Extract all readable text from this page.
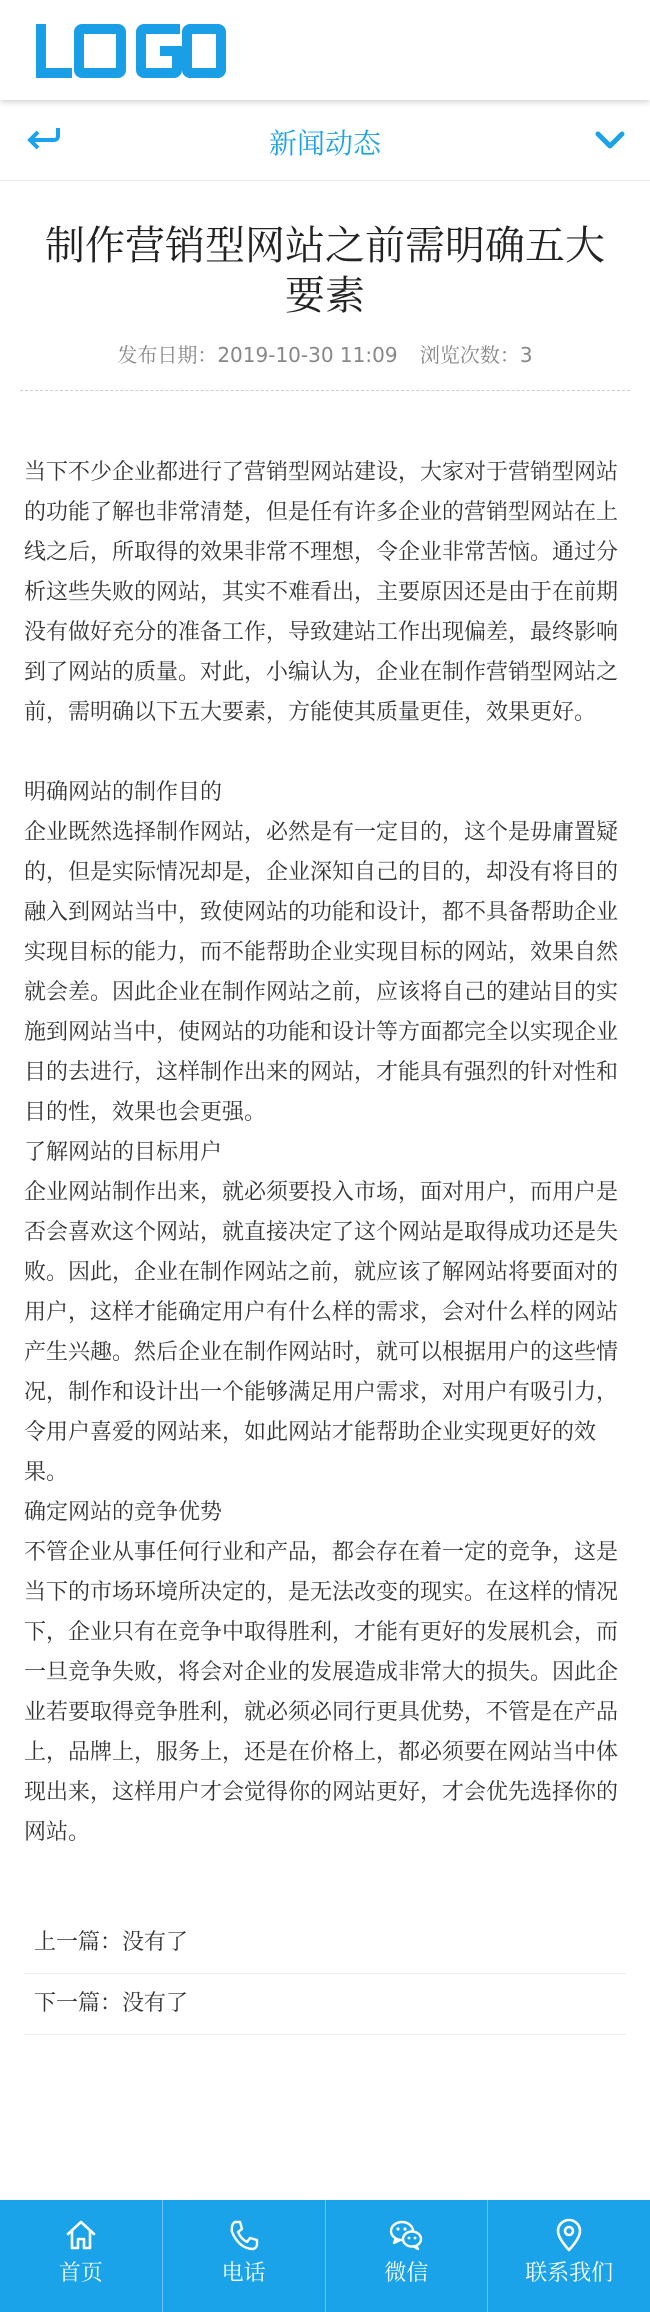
新闻动态
制作营销型网站之前需明确五大要素
发布日期：2019-10-30 11:09 浏览次数：3

当下不少企业都进行了营销型网站建设，大家对于营销型网站的功能了解也非常清楚，但是任有许多企业的营销型网站在上线之后，所取得的效果非常不理想，令企业非常苦恼。通过分析这些失败的网站，其实不难看出，主要原因还是由于在前期没有做好充分的准备工作，导致建站工作出现偏差，最终影响到了网站的质量。对此，小编认为，企业在制作营销型网站之前，需明确以下五大要素，方能使其质量更佳，效果更好。

明确网站的制作目的

企业既然选择制作网站，必然是有一定目的，这个是毋庸置疑的，但是实际情况却是，企业深知自己的目的，却没有将目的融入到网站当中，致使网站的功能和设计，都不具备帮助企业实现目标的能力，而不能帮助企业实现目标的网站，效果自然就会差。因此企业在制作网站之前，应该将自己的建站目的实施到网站当中，使网站的功能和设计等方面都完全以实现企业目的去进行，这样制作出来的网站，才能具有强烈的针对性和目的性，效果也会更强。

了解网站的目标用户

企业网站制作出来，就必须要投入市场，面对用户，而用户是否会喜欢这个网站，就直接决定了这个网站是取得成功还是失败。因此，企业在制作网站之前，就应该了解网站将要面对的用户，这样才能确定用户有什么样的需求，会对什么样的网站产生兴趣。然后企业在制作网站时，就可以根据用户的这些情况，制作和设计出一个能够满足用户需求，对用户有吸引力，令用户喜爱的网站来，如此网站才能帮助企业实现更好的效果。

确定网站的竞争优势

不管企业从事任何行业和产品，都会存在着一定的竞争，这是当下的市场环境所决定的，是无法改变的现实。在这样的情况下，企业只有在竞争中取得胜利，才能有更好的发展机会，而一旦竞争失败，将会对企业的发展造成非常大的损失。因此企业若要取得竞争胜利，就必须必同行更具优势，不管是在产品上，品牌上，服务上，还是在价格上，都必须要在网站当中体现出来，这样用户才会觉得你的网站更好，才会优先选择你的网站。

上一篇：没有了
下一篇：没有了
首页	电话	微信	联系我们
